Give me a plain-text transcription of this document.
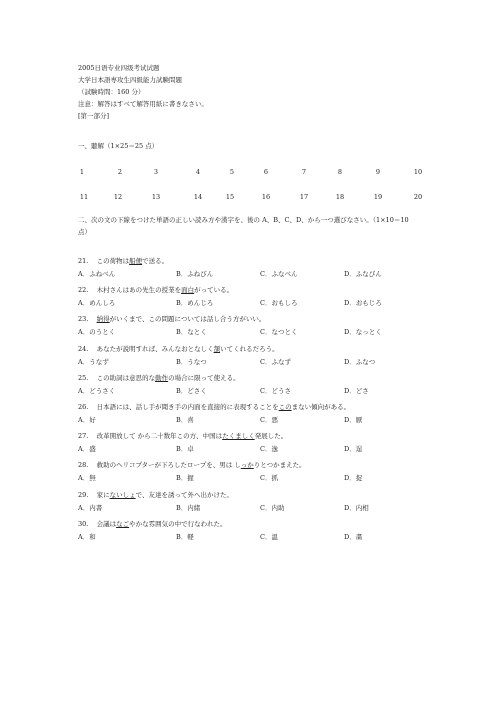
2005日语专业四级考试试题
大学日本語専攻生四級能力試験問題
（試験時間：160 分）
注意：解答はすべて解答用紙に書きなさい。
[第一部分]
一、聽解（1×25＝25 点）
1	2	3	4	5	6	7	8	9	10
11	12	13	14	15	16	17	18	19	20
二、次の文の下線をつけた単語の正しい読み方や漢字を、後の A、B、C、D、から一つ選びなさい。（1×10＝10 点）
21. この荷物は船便で送る。
A．ふねべん	B．ふねびん	C．ふなべん	D．ふなびん
22. 木村さんはあの先生の授業を面白がっている。
A．めんしろ	B．めんじろ	C．おもしろ	D．おもじろ
23. 納得がいくまで、この問題については話し合う方がいい。
A．のうとく	B．なとく	C．なつとく	D．なっとく
24. あなたが説明すれば、みんなおとなしく頷いてくれるだろう。
A．うなず	B．うなつ	C．ふなず	D．ふなつ
25. この助詞は意思的な動作の場合に限って使える。
A．どうさく	B．どさく	C．どうさ	D．どさ
26. 日本語には、話し手が聞き手の内面を直接的に表現することをこのまない傾向がある。
A．好	B．喜	C．悪	D．厭
27. 改革開放して から二十数年この方、中国はたくましく発展した。
A．盛	B．卓	C．逸	D．逞
28. 救助のヘリコプターが下ろしたロープを、男は しっかりとつかまえた。
A．無	B．握	C．抓	D．捉
29. 家にないしょで、友達を誘って外へ出かけた。
A．内書	B．内緒	C．内助	D．内相
30. 会議はなごやかな雰囲気の中で行なわれた。
A．和	B．軽	C．温	D．粛
